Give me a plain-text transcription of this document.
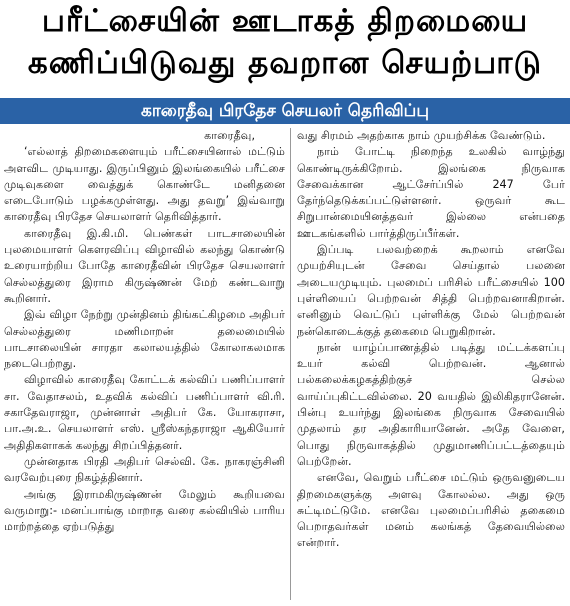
பரீட்சையின் ஊடாகத் திறமையை
கணிப்பிடுவது தவறான செயற்பாடு
காரைதீவு பிரதேச செயலர் தெரிவிப்பு

காரைதீவு,

‘எல்லாத் திறமைகளையும் பரீட்சையினால் மட்டும் அளவிட முடியாது. இருப்பினும் இலங்கையில் பரீட்சை முடிவுகளை வைத்துக் கொண்டே மனிதனை எடைபோடும் பழக்கமுள்ளது. அது தவறு’ இவ்வாறு காரைதீவு பிரதேச செயலாளர் தெரிவித்தார்.

காரைதீவு இ.கி.மி. பெண்கள் பாடசாலையின் புலமையாளர் கௌரவிப்பு விழாவில் கலந்து கொண்டு உரையாற்றிய போதே காரைதீவின் பிரதேச செயலாளர் செல்லத்துரை இராம கிருஷ்ணன் மேற் கண்டவாறு கூறினார்.

இவ் விழா நேற்று முன்தினம் திங்கட்கிழமை அதிபர் செல்லத்துரை மணிமாறன் தலைமையில் பாடசாலையின் சாரதா கலாலயத்தில் கோலாகலமாக நடைபெற்றது.

விழாவில் காரைதீவு கோட்டக் கல்விப் பணிப்பாளர் சா. வேதாசலம், உதவிக் கல்விப் பணிப்பாளர் வி.ரி. சகாதேவராஜா, முன்னாள் அதிபர் கே. யோகராசா, பா.அ.உ. செயலாளர் எஸ். ஸ்ரீஸ்கந்தராஜா ஆகியோர் அதிதிகளாகக் கலந்து சிறப்பித்தனர்.

முன்னதாக பிரதி அதிபர் செல்வி. கே. நாகரஞ்சினி வரவேற்புரை நிகழ்த்தினார்.

அங்கு இராமகிருஷ்ணன் மேலும் கூறியவை வருமாறு:- மனப்பாங்கு மாறாத வரை கல்வியில் பாரிய மாற்றத்தை ஏற்படுத்து

வது சிரமம் அதற்காக நாம் முயற்சிக்க வேண்டும்.

நாம் போட்டி நிறைந்த உலகில் வாழ்ந்து கொண்டிருக்கிறோம். இலங்கை நிருவாக சேவைக்கான ஆட்சேர்ப்பில் 247 பேர் தேர்ந்தெடுக்கப்பட்டுள்ளனர். ஒருவர் கூட சிறுபான்மையினத்தவர் இல்லை என்பதை ஊடகங்களில் பார்த்திருப்பீர்கள்.

இப்படி பலவற்றைக் கூறலாம் எனவே முயற்சியுடன் சேவை செய்தால் பலனை அடையமுடியும். புலமைப் பரிசில் பரீட்சையில் 100 புள்ளியைப் பெற்றவன் சித்தி பெற்றவனாகிறான். எனினும் வெட்டுப் புள்ளிக்கு மேல் பெற்றவன் நன்கொடைக்குத் தகைமை பெறுகிறான்.

நான் யாழ்ப்பாணத்தில் படித்து மட்டக்களப்பு உயர் கல்வி பெற்றவன். ஆனால் பல்கலைக்கழகத்திற்குச் செல்ல வாய்ப்புகிட்டவில்லை. 20 வயதில் இலிகிதரானேன். பின்பு உயர்ந்து இலங்கை நிருவாக சேவையில் முதலாம் தர அதிகாரியானேன். அதே வேளை, பொது நிருவாகத்தில் முதுமாணிப்பட்டத்தையும் பெற்றேன்.

எனவே, வெறும் பரீட்சை மட்டும் ஒருவனுடைய திறமைகளுக்கு அளவு கோலல்ல. அது ஒரு சுட்டிமட்டுமே. எனவே புலமைப்பரிசில் தகைமை பெறாதவர்கள் மனம் கலங்கத் தேவையில்லை என்றார்.
